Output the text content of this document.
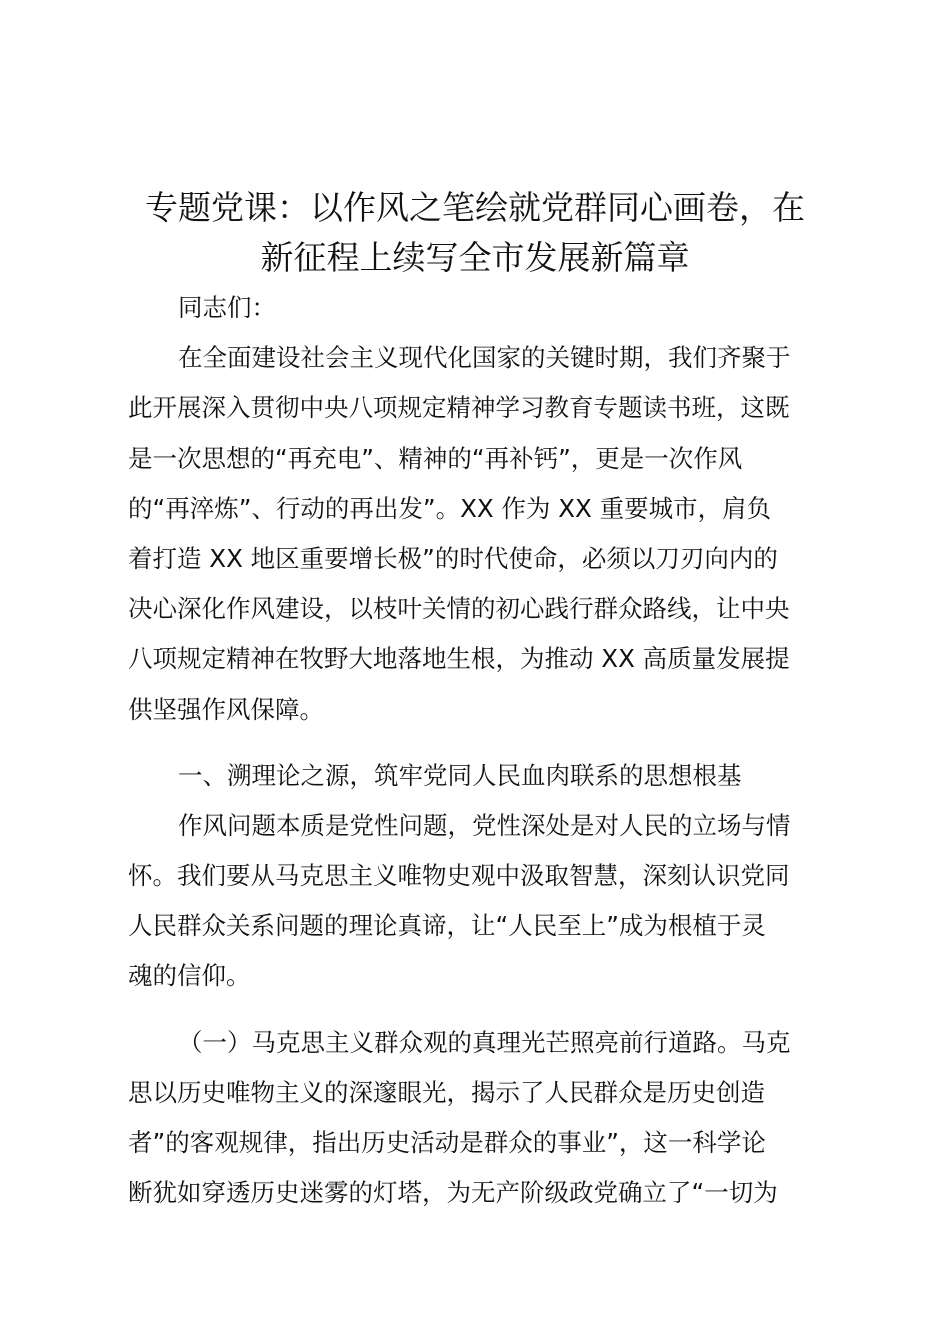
专题党课：以作风之笔绘就党群同心画卷，在
新征程上续写全市发展新篇章
同志们：
在全面建设社会主义现代化国家的关键时期，我们齐聚于
此开展深入贯彻中央八项规定精神学习教育专题读书班，这既
是一次思想的“再充电”、精神的“再补钙”，更是一次作风
的“再淬炼”、行动的再出发”。XX 作为 XX 重要城市，肩负
着打造 XX 地区重要增长极”的时代使命，必须以刀刃向内的
决心深化作风建设，以枝叶关情的初心践行群众路线，让中央
八项规定精神在牧野大地落地生根，为推动 XX 高质量发展提
供坚强作风保障。
一、溯理论之源，筑牢党同人民血肉联系的思想根基
作风问题本质是党性问题，党性深处是对人民的立场与情
怀。我们要从马克思主义唯物史观中汲取智慧，深刻认识党同
人民群众关系问题的理论真谛，让“人民至上”成为根植于灵
魂的信仰。
（一）马克思主义群众观的真理光芒照亮前行道路。马克
思以历史唯物主义的深邃眼光，揭示了人民群众是历史创造
者”的客观规律，指出历史活动是群众的事业”，这一科学论
断犹如穿透历史迷雾的灯塔，为无产阶级政党确立了“一切为
